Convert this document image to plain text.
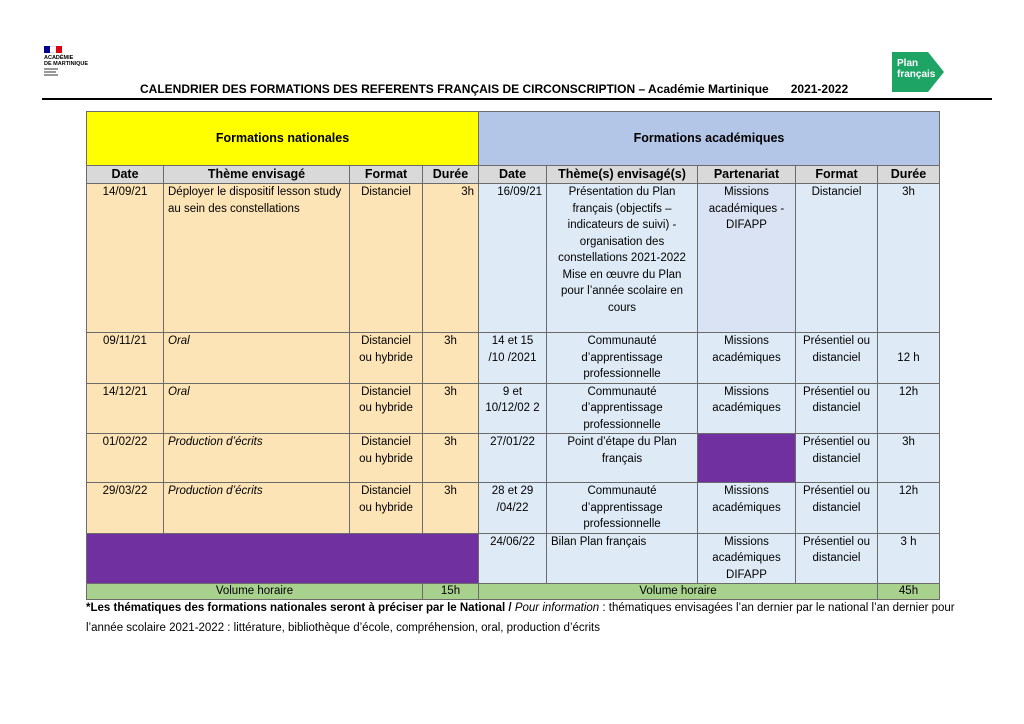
ACADÉMIE
DE MARTINIQUE
CALENDRIER DES FORMATIONS DES REFERENTS FRANÇAIS DE CIRCONSCRIPTION – Académie Martinique 2021-2022
Plan
français
Formations nationales				Formations académiques				
Date	Thème envisagé	Format	Durée	Date	Thème(s) envisagé(s)	Partenariat	Format	Durée
14/09/21	Déployer le dispositif lesson study au sein des constellations	Distanciel	3h	16/09/21	Présentation du Plan français (objectifs – indicateurs de suivi) - organisation des constellations 2021-2022 Mise en œuvre du Plan pour l’année scolaire en cours	Missions académiques - DIFAPP	Distanciel	3h
09/11/21	Oral	Distanciel ou hybride	3h	14 et 15 /10 /2021	Communauté d’apprentissage professionnelle	Missions académiques	Présentiel ou distanciel	12 h
14/12/21	Oral	Distanciel ou hybride	3h	9 et 10/12/02 2	Communauté d’apprentissage professionnelle	Missions académiques	Présentiel ou distanciel	12h
01/02/22	Production d’écrits	Distanciel ou hybride	3h	27/01/22	Point d’étape du Plan français		Présentiel ou distanciel	3h
29/03/22	Production d’écrits	Distanciel ou hybride	3h	28 et 29 /04/22	Communauté d’apprentissage professionnelle	Missions académiques	Présentiel ou distanciel	12h
				24/06/22	Bilan Plan français	Missions académiques DIFAPP	Présentiel ou distanciel	3 h
Volume horaire			15h	Volume horaire				45h
*Les thématiques des formations nationales seront à préciser par le National / Pour information : thématiques envisagées l’an dernier par le national l’an dernier pour l’année scolaire 2021-2022 : littérature, bibliothèque d’école, compréhension, oral, production d’écrits
